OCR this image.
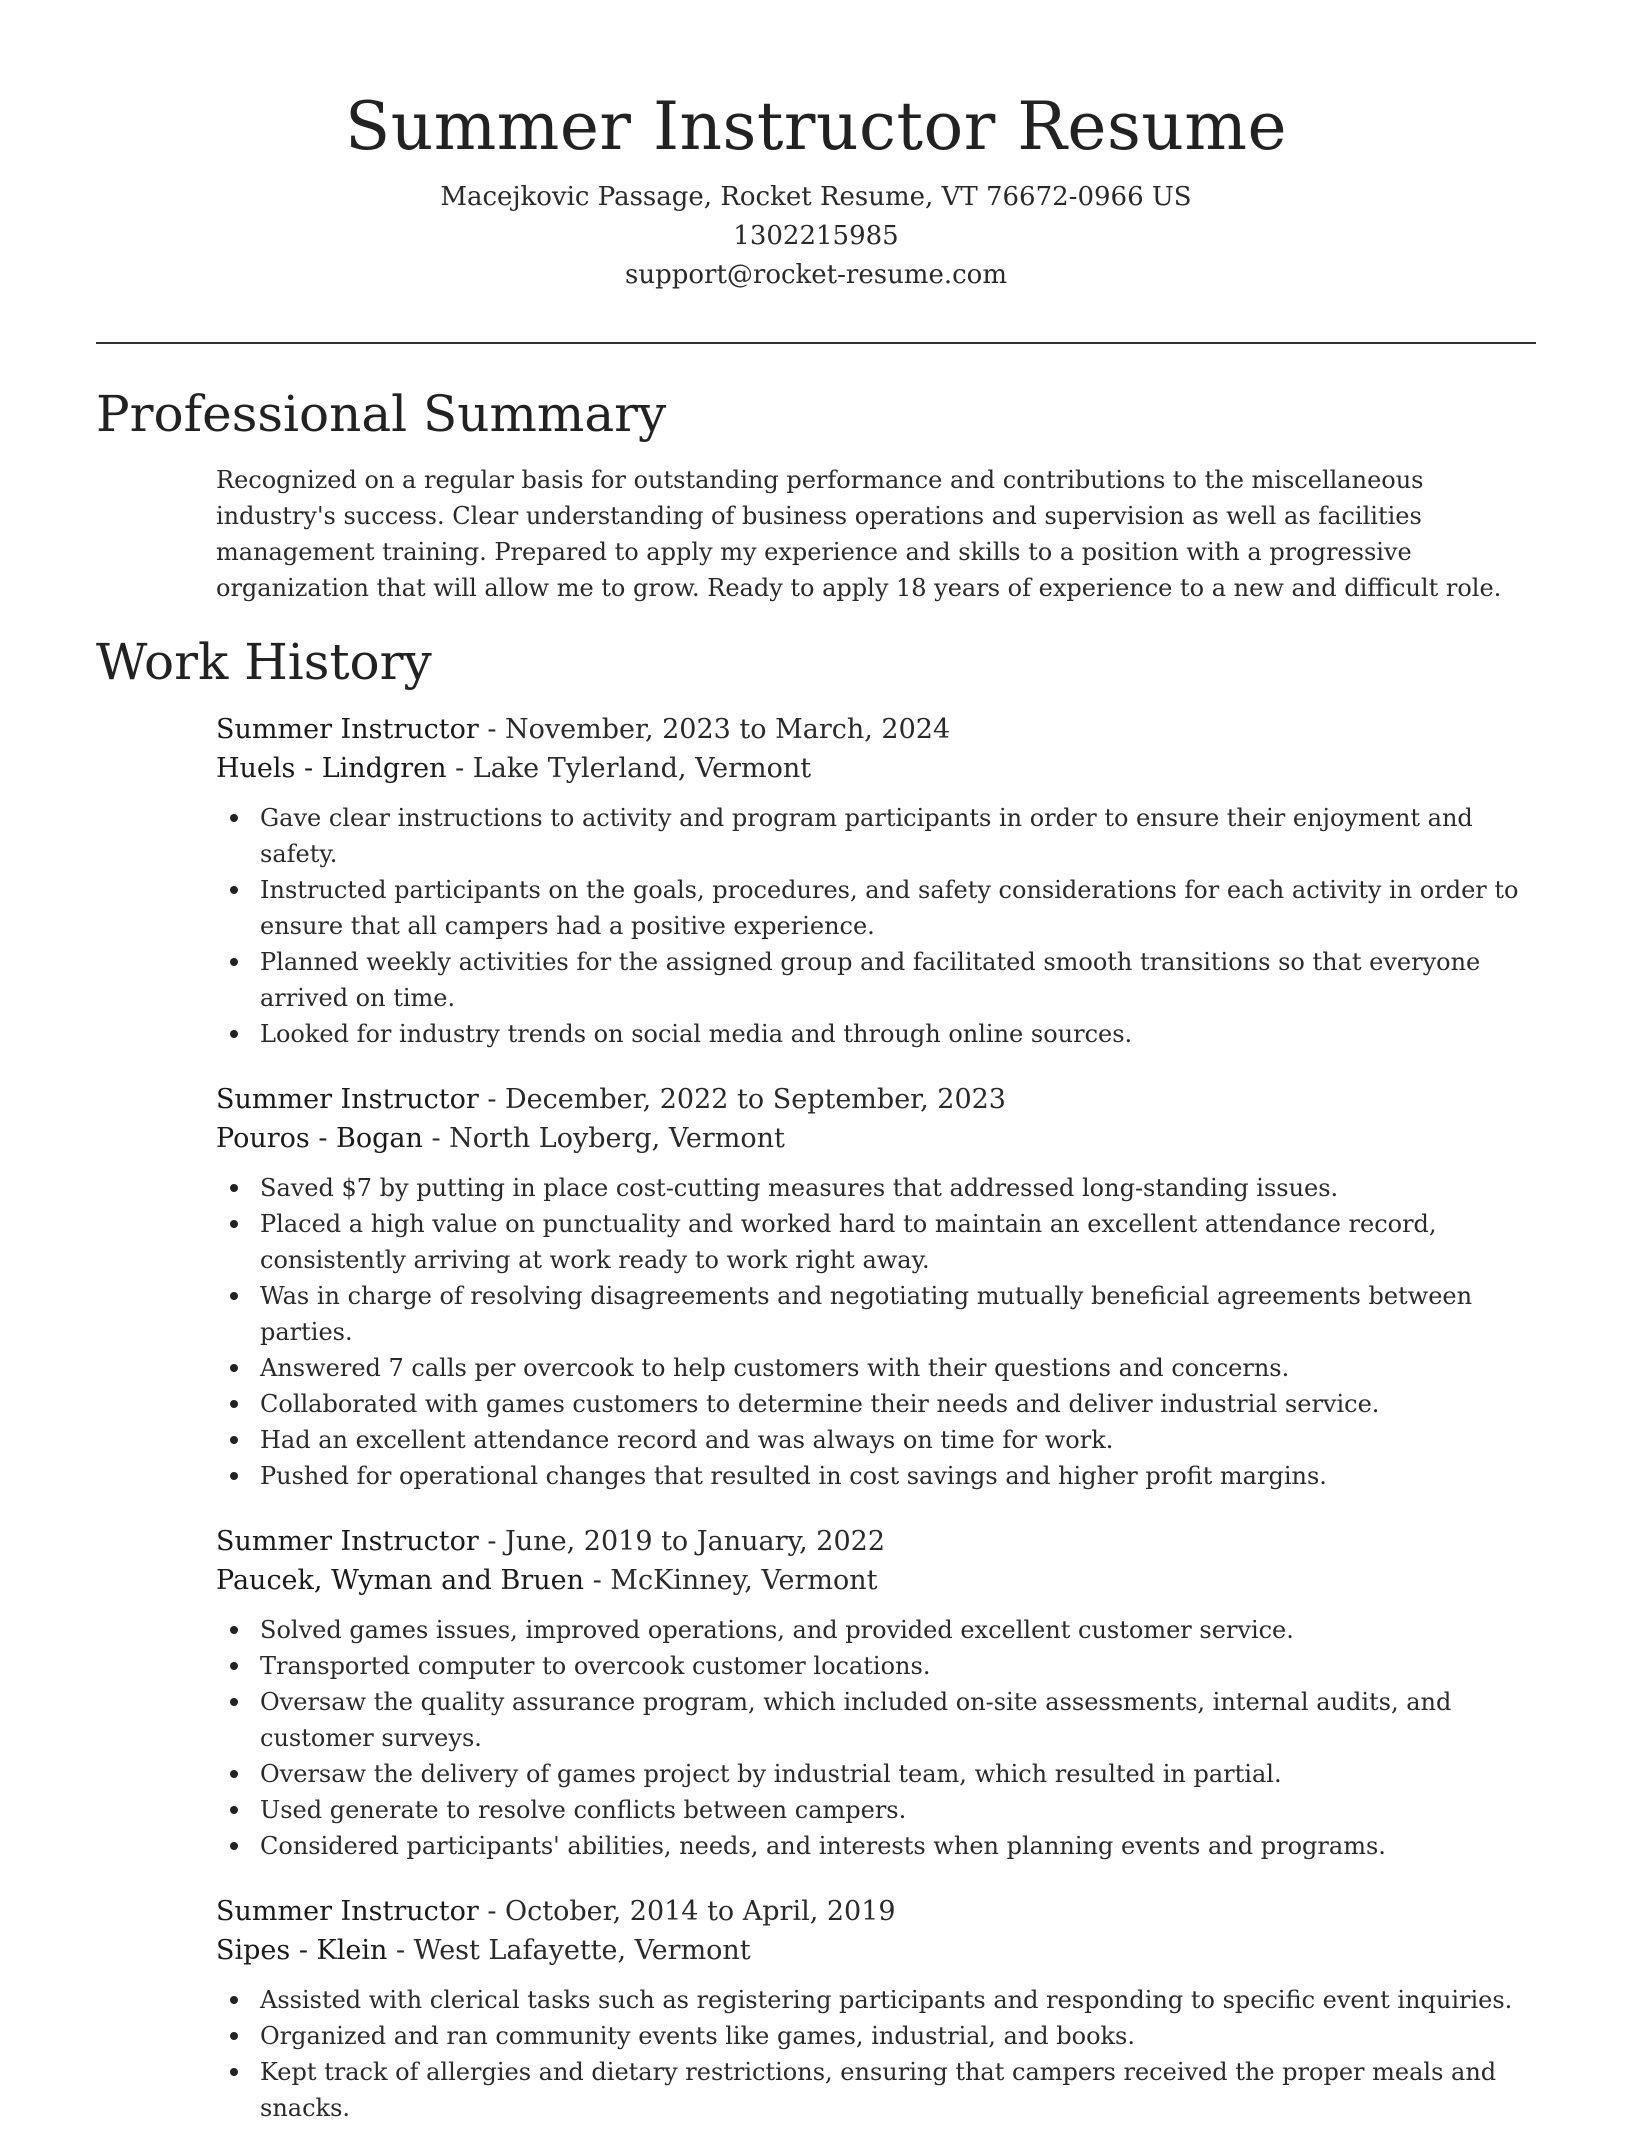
Summer Instructor Resume
Macejkovic Passage, Rocket Resume, VT 76672-0966 US
1302215985
support@rocket-resume.com
Professional Summary
Recognized on a regular basis for outstanding performance and contributions to the miscellaneous industry's success. Clear understanding of business operations and supervision as well as facilities management training. Prepared to apply my experience and skills to a position with a progressive organization that will allow me to grow. Ready to apply 18 years of experience to a new and difficult role.
Work History
Summer Instructor - November, 2023 to March, 2024
Huels - Lindgren - Lake Tylerland, Vermont
Gave clear instructions to activity and program participants in order to ensure their enjoyment and safety.
Instructed participants on the goals, procedures, and safety considerations for each activity in order to ensure that all campers had a positive experience.
Planned weekly activities for the assigned group and facilitated smooth transitions so that everyone arrived on time.
Looked for industry trends on social media and through online sources.
Summer Instructor - December, 2022 to September, 2023
Pouros - Bogan - North Loyberg, Vermont
Saved $7 by putting in place cost-cutting measures that addressed long-standing issues.
Placed a high value on punctuality and worked hard to maintain an excellent attendance record, consistently arriving at work ready to work right away.
Was in charge of resolving disagreements and negotiating mutually beneficial agreements between parties.
Answered 7 calls per overcook to help customers with their questions and concerns.
Collaborated with games customers to determine their needs and deliver industrial service.
Had an excellent attendance record and was always on time for work.
Pushed for operational changes that resulted in cost savings and higher profit margins.
Summer Instructor - June, 2019 to January, 2022
Paucek, Wyman and Bruen - McKinney, Vermont
Solved games issues, improved operations, and provided excellent customer service.
Transported computer to overcook customer locations.
Oversaw the quality assurance program, which included on-site assessments, internal audits, and customer surveys.
Oversaw the delivery of games project by industrial team, which resulted in partial.
Used generate to resolve conflicts between campers.
Considered participants' abilities, needs, and interests when planning events and programs.
Summer Instructor - October, 2014 to April, 2019
Sipes - Klein - West Lafayette, Vermont
Assisted with clerical tasks such as registering participants and responding to specific event inquiries.
Organized and ran community events like games, industrial, and books.
Kept track of allergies and dietary restrictions, ensuring that campers received the proper meals and snacks.
